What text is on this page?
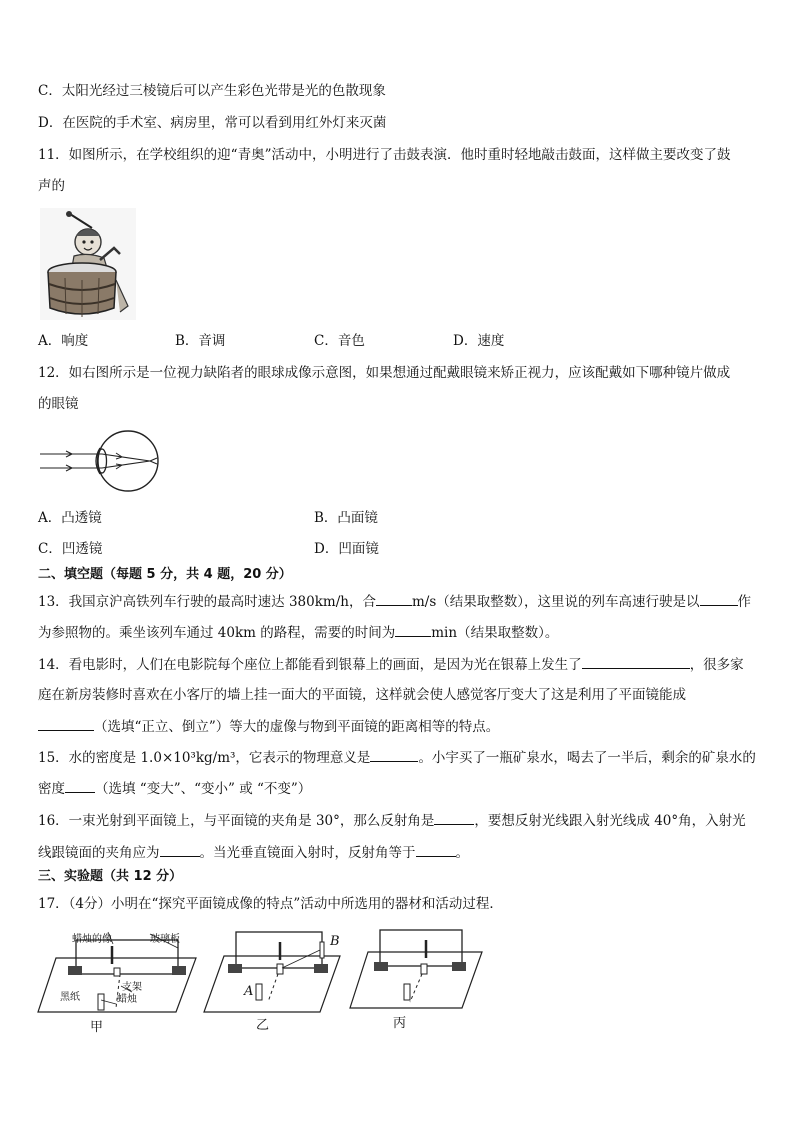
C．太阳光经过三棱镜后可以产生彩色光带是光的色散现象
D．在医院的手术室、病房里，常可以看到用红外灯来灭菌
11．如图所示，在学校组织的迎“青奥”活动中，小明进行了击鼓表演．他时重时轻地敲击鼓面，这样做主要改变了鼓
声的
A．响度	B．音调	C．音色	D．速度
12．如右图所示是一位视力缺陷者的眼球成像示意图，如果想通过配戴眼镜来矫正视力，应该配戴如下哪种镜片做成
的眼镜
A．凸透镜	B．凸面镜
C．凹透镜	D．凹面镜
二、填空题（每题 5 分，共 4 题，20 分）
13．我国京沪高铁列车行驶的最高时速达 380km/h，合	m/s（结果取整数），这里说的列车高速行驶是以	作
为参照物的。乘坐该列车通过 40km 的路程，需要的时间为	min（结果取整数）。
14．看电影时，人们在电影院每个座位上都能看到银幕上的画面，是因为光在银幕上发生了	，很多家
庭在新房装修时喜欢在小客厅的墙上挂一面大的平面镜，这样就会使人感觉客厅变大了这是利用了平面镜能成
（选填“正立、倒立”）等大的虚像与物到平面镜的距离相等的特点。
15．水的密度是 1.0×10³kg/m³，它表示的物理意义是	。小宇买了一瓶矿泉水，喝去了一半后，剩余的矿泉水的
密度 （选填 “变大”、“变小” 或 “不变”）
16．一束光射到平面镜上，与平面镜的夹角是 30°，那么反射角是	，要想反射光线跟入射光线成 40°角，入射光
线跟镜面的夹角应为	。当光垂直镜面入射时，反射角等于	。
三、实验题（共 12 分）
17．（4分）小明在“探究平面镜成像的特点”活动中所选用的器材和活动过程．
蜡烛的像	玻璃板
黑纸
支架
蜡烛
甲
B
A
乙	丙
